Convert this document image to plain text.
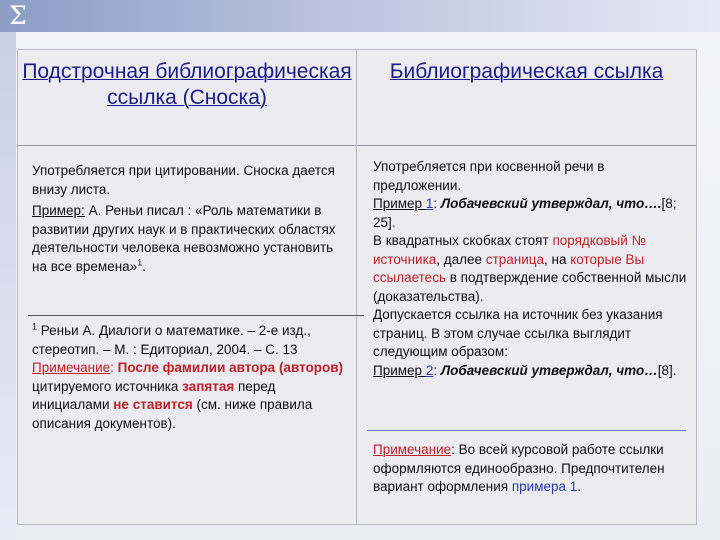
Σ
Подстрочная библиографическая ссылка (Сноска)

Употребляется при цитировании. Сноска дается внизу листа.

Пример: А. Реньи писал : «Роль математики в развитии других наук и в практических областях деятельности человека невозможно установить на все времена»$^1$.

$^1$ Реньи А. Диалоги о математике. – 2-е изд., стереотип. – М. : Едиториал, 2004. – С. 13

Примечание: После фамилии автора (авторов) цитируемого источника запятая перед инициалами не ставится (см. ниже правила описания документов).

Библиографическая ссылка

Употребляется при косвенной речи в предложении.

Пример 1: Лобачевский утверждал, что….[8; 25].

В квадратных скобках стоят порядковый № источника, далее страница, на которые Вы ссылаетесь в подтверждение собственной мысли (доказательства).

Допускается ссылка на источник без указания страниц. В этом случае ссылка выглядит следующим образом:

Пример 2: Лобачевский утверждал, что…[8].

Примечание: Во всей курсовой работе ссылки оформляются единообразно. Предпочтителен вариант оформления примера 1.
